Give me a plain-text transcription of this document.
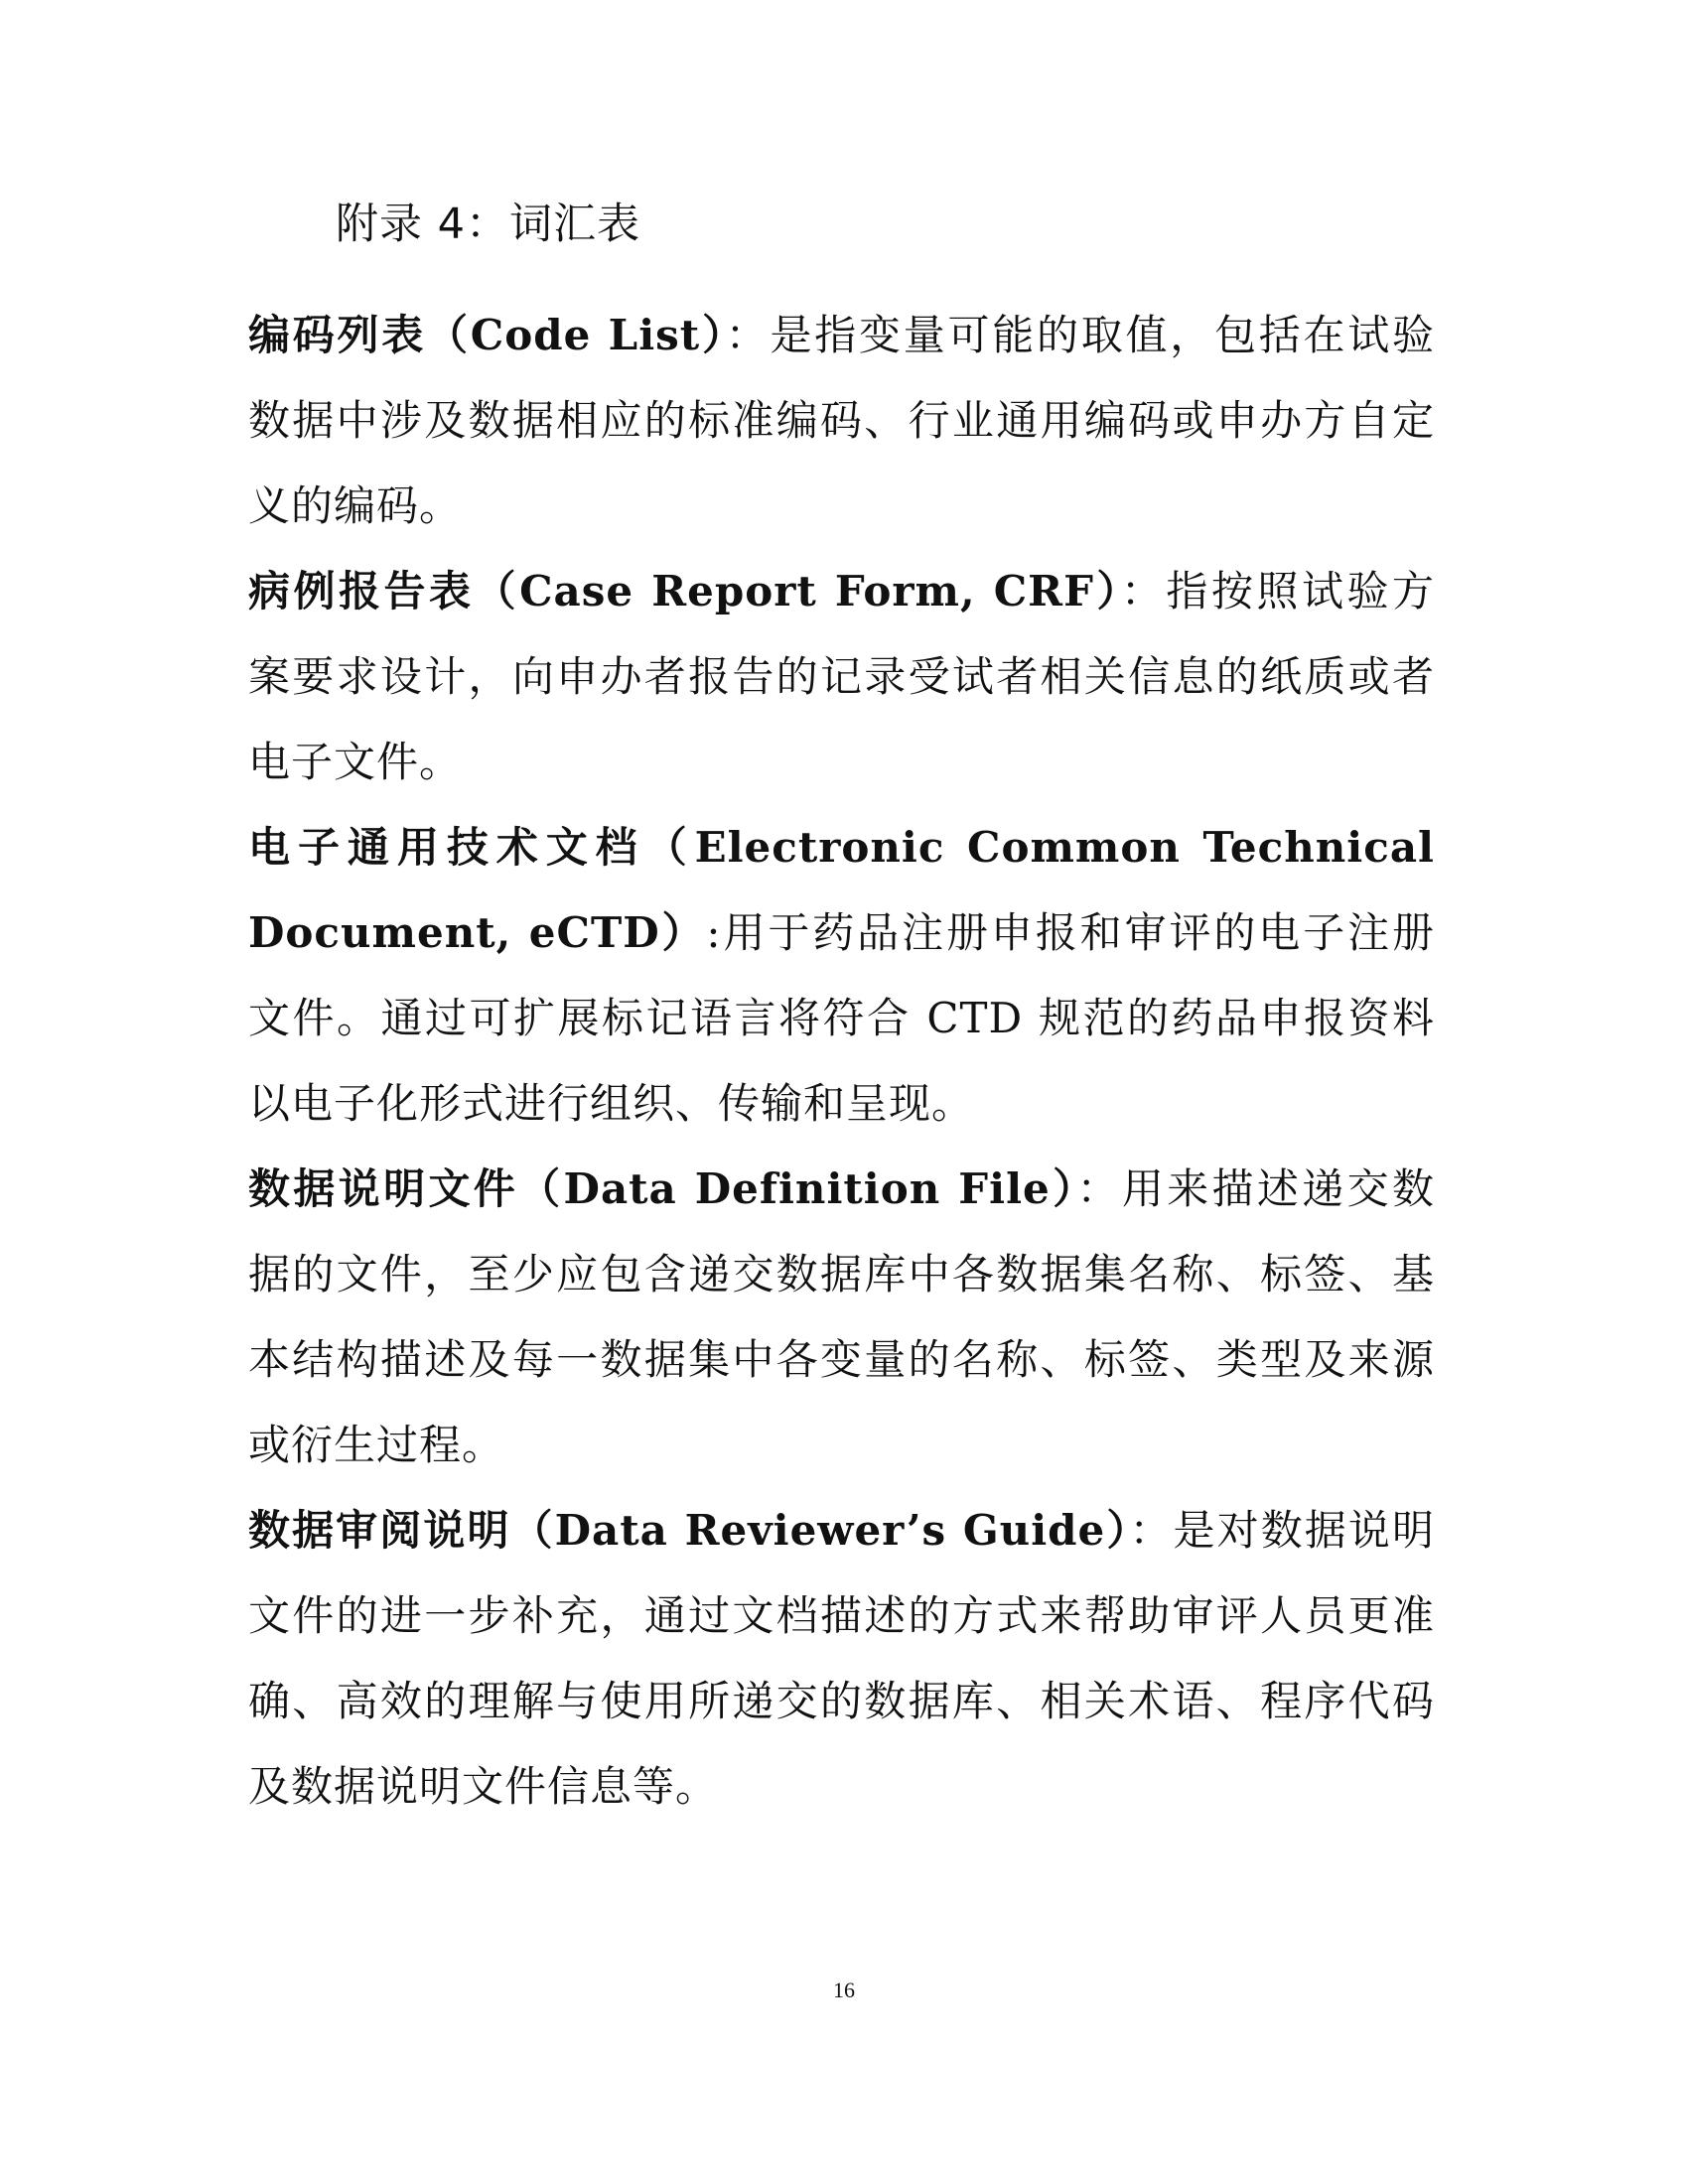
附录 4：词汇表

编码列表（Code List）：是指变量可能的取值，包括在试验数据中涉及数据相应的标准编码、行业通用编码或申办方自定义的编码。

病例报告表（Case Report Form, CRF）：指按照试验方案要求设计，向申办者报告的记录受试者相关信息的纸质或者电子文件。

电子通用技术文档（Electronic Common Technical Document, eCTD）:用于药品注册申报和审评的电子注册文件。通过可扩展标记语言将符合 CTD 规范的药品申报资料以电子化形式进行组织、传输和呈现。

数据说明文件（Data Definition File）：用来描述递交数据的文件，至少应包含递交数据库中各数据集名称、标签、基本结构描述及每一数据集中各变量的名称、标签、类型及来源或衍生过程。

数据审阅说明（Data Reviewer’s Guide）：是对数据说明文件的进一步补充，通过文档描述的方式来帮助审评人员更准确、高效的理解与使用所递交的数据库、相关术语、程序代码及数据说明文件信息等。

16
